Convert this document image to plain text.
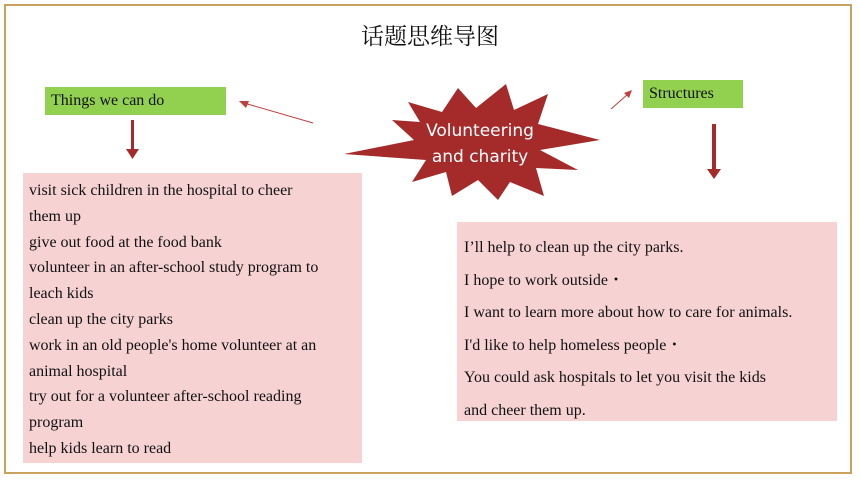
话题思维导图
Volunteering
and charity
Things we can do	Structures
visit sick children in the hospital to cheer
them up
give out food at the food bank
volunteer in an after-school study program to
leach kids
clean up the city parks
work in an old people's home volunteer at an
animal hospital
try out for a volunteer after-school reading
program
help kids learn to read
I’ll help to clean up the city parks.
I hope to work outside・
I want to learn more about how to care for animals.
I'd like to help homeless people・
You could ask hospitals to let you visit the kids
and cheer them up.
